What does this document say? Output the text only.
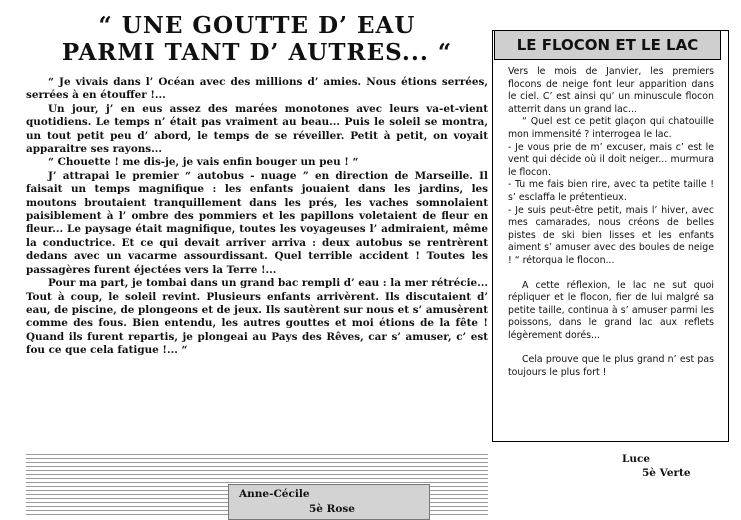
“ UNE GOUTTE D’ EAU
PARMI TANT D’ AUTRES... “

“ Je vivais dans l’ Océan avec des millions d’ amies. Nous étions serrées, serrées à en étouffer !...

Un jour, j’ en eus assez des marées monotones avec leurs va-et-vient quotidiens. Le temps n’ était pas vraiment au beau... Puis le soleil se montra, un tout petit peu d’ abord, le temps de se réveiller. Petit à petit, on voyait apparaitre ses rayons...

“ Chouette ! me dis-je, je vais enfin bouger un peu ! “

J’ attrapai le premier “ autobus - nuage ” en direction de Marseille. Il faisait un temps magnifique : les enfants jouaient dans les jardins, les moutons broutaient tranquillement dans les prés, les vaches somnolaient paisiblement à l’ ombre des pommiers et les papillons voletaient de fleur en fleur... Le paysage était magnifique, toutes les voyageuses l’ admiraient, même la conductrice. Et ce qui devait arriver arriva : deux autobus se rentrèrent dedans avec un vacarme assourdissant. Quel terrible accident ! Toutes les passagères furent éjectées vers la Terre !...

Pour ma part, je tombai dans un grand bac rempli d’ eau : la mer rétrécie... Tout à coup, le soleil revint. Plusieurs enfants arrivèrent. Ils discutaient d’ eau, de piscine, de plongeons et de jeux. Ils sautèrent sur nous et s’ amusèrent comme des fous. Bien entendu, les autres gouttes et moi étions de la fête ! Quand ils furent repartis, je plongeai au Pays des Rêves, car s’ amuser, c’ est fou ce que cela fatigue !... “

Anne-Cécile
5è Rose
LE FLOCON ET LE LAC

Vers le mois de Janvier, les premiers flocons de neige font leur apparition dans le ciel. C’ est ainsi qu’ un minuscule flocon atterrit dans un grand lac...

“ Quel est ce petit glaçon qui chatouille mon immensité ? interrogea le lac.

- Je vous prie de m’ excuser, mais c’ est le vent qui décide où il doit neiger... murmura le flocon.

- Tu me fais bien rire, avec ta petite taille ! s’ esclaffa le prétentieux.

- Je suis peut-être petit, mais l’ hiver, avec mes camarades, nous créons de belles pistes de ski bien lisses et les enfants aiment s’ amuser avec des boules de neige ! “ rétorqua le flocon...

A cette réflexion, le lac ne sut quoi répliquer et le flocon, fier de lui malgré sa petite taille, continua à s’ amuser parmi les poissons, dans le grand lac aux reflets légèrement dorés...

Cela prouve que le plus grand n’ est pas toujours le plus fort !

Luce
5è Verte
